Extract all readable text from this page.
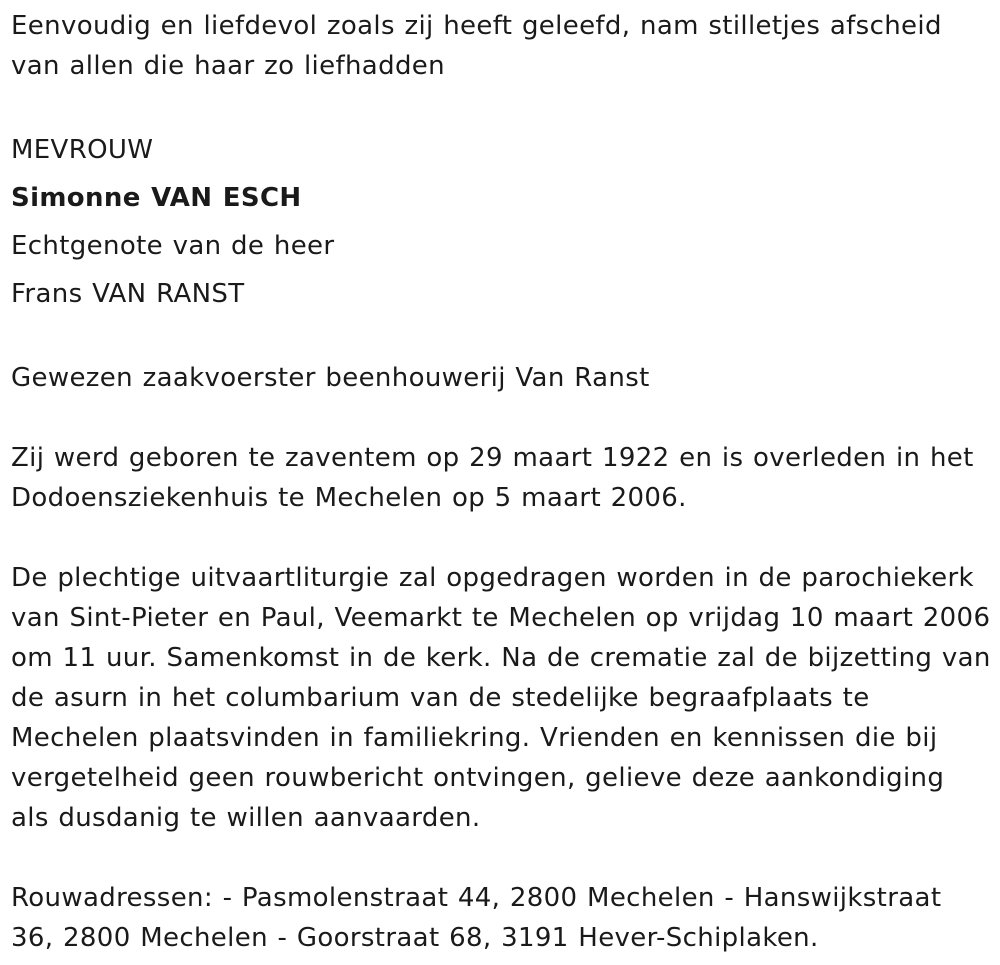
Eenvoudig en liefdevol zoals zij heeft geleefd, nam stilletjes afscheid van allen die haar zo liefhadden

MEVROUW

Simonne VAN ESCH

Echtgenote van de heer

Frans VAN RANST

Gewezen zaakvoerster beenhouwerij Van Ranst

Zij werd geboren te zaventem op 29 maart 1922 en is overleden in het Dodoensziekenhuis te Mechelen op 5 maart 2006.

De plechtige uitvaartliturgie zal opgedragen worden in de parochiekerk van Sint-Pieter en Paul, Veemarkt te Mechelen op vrijdag 10 maart 2006 om 11 uur. Samenkomst in de kerk. Na de crematie zal de bijzetting van de asurn in het columbarium van de stedelijke begraafplaats te Mechelen plaatsvinden in familiekring. Vrienden en kennissen die bij vergetelheid geen rouwbericht ontvingen, gelieve deze aankondiging als dusdanig te willen aanvaarden.

Rouwadressen: - Pasmolenstraat 44, 2800 Mechelen - Hanswijkstraat 36, 2800 Mechelen - Goorstraat 68, 3191 Hever-Schiplaken.
